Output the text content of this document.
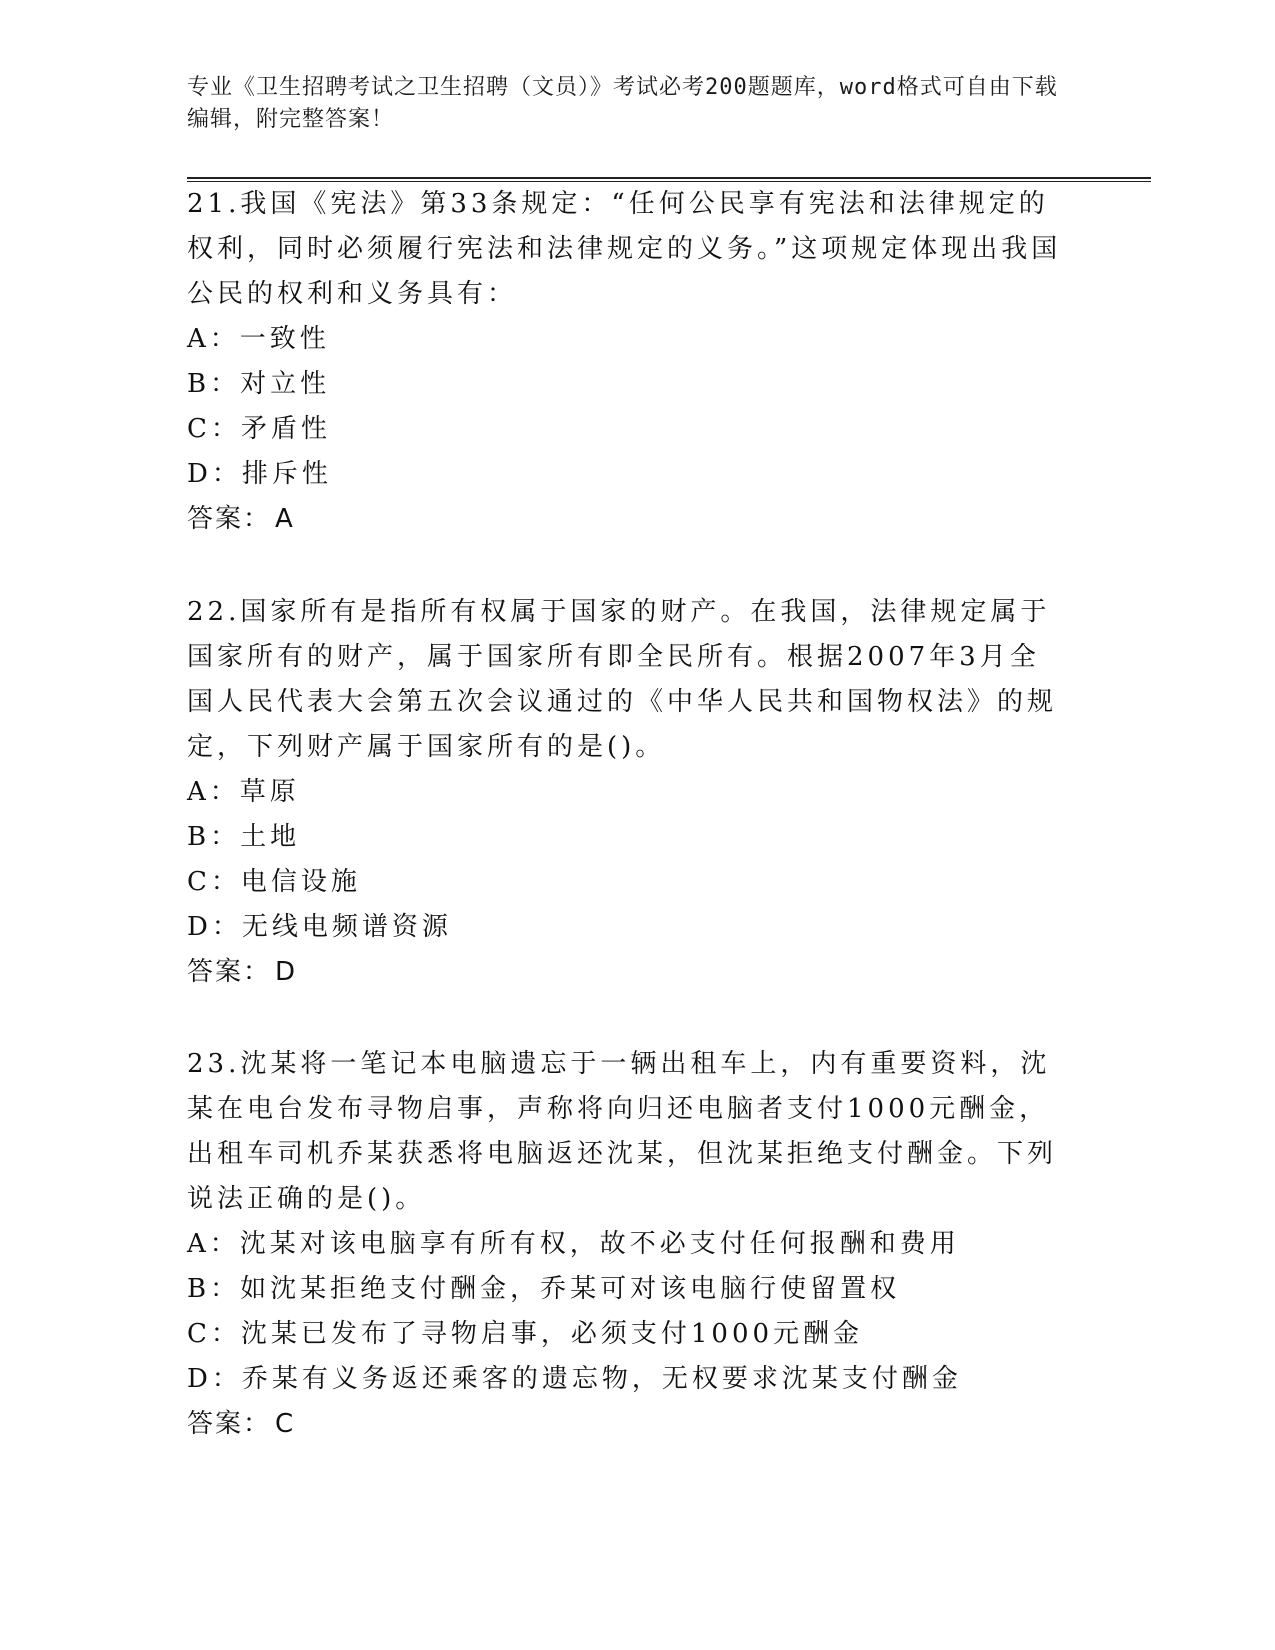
专业《卫生招聘考试之卫生招聘（文员）》考试必考200题题库，word格式可自由下载编辑，附完整答案！

21.我国《宪法》第33条规定：“任何公民享有宪法和法律规定的权利，同时必须履行宪法和法律规定的义务。”这项规定体现出我国公民的权利和义务具有：

A：一致性

B：对立性

C：矛盾性

D：排斥性

答案： A

22.国家所有是指所有权属于国家的财产。在我国，法律规定属于国家所有的财产，属于国家所有即全民所有。根据2007年3月全国人民代表大会第五次会议通过的《中华人民共和国物权法》的规定，下列财产属于国家所有的是()。

A：草原

B：土地

C：电信设施

D：无线电频谱资源

答案： D

23.沈某将一笔记本电脑遗忘于一辆出租车上，内有重要资料，沈某在电台发布寻物启事，声称将向归还电脑者支付1000元酬金，出租车司机乔某获悉将电脑返还沈某，但沈某拒绝支付酬金。下列说法正确的是()。

A：沈某对该电脑享有所有权，故不必支付任何报酬和费用

B：如沈某拒绝支付酬金，乔某可对该电脑行使留置权

C：沈某已发布了寻物启事，必须支付1000元酬金

D：乔某有义务返还乘客的遗忘物，无权要求沈某支付酬金

答案： C
